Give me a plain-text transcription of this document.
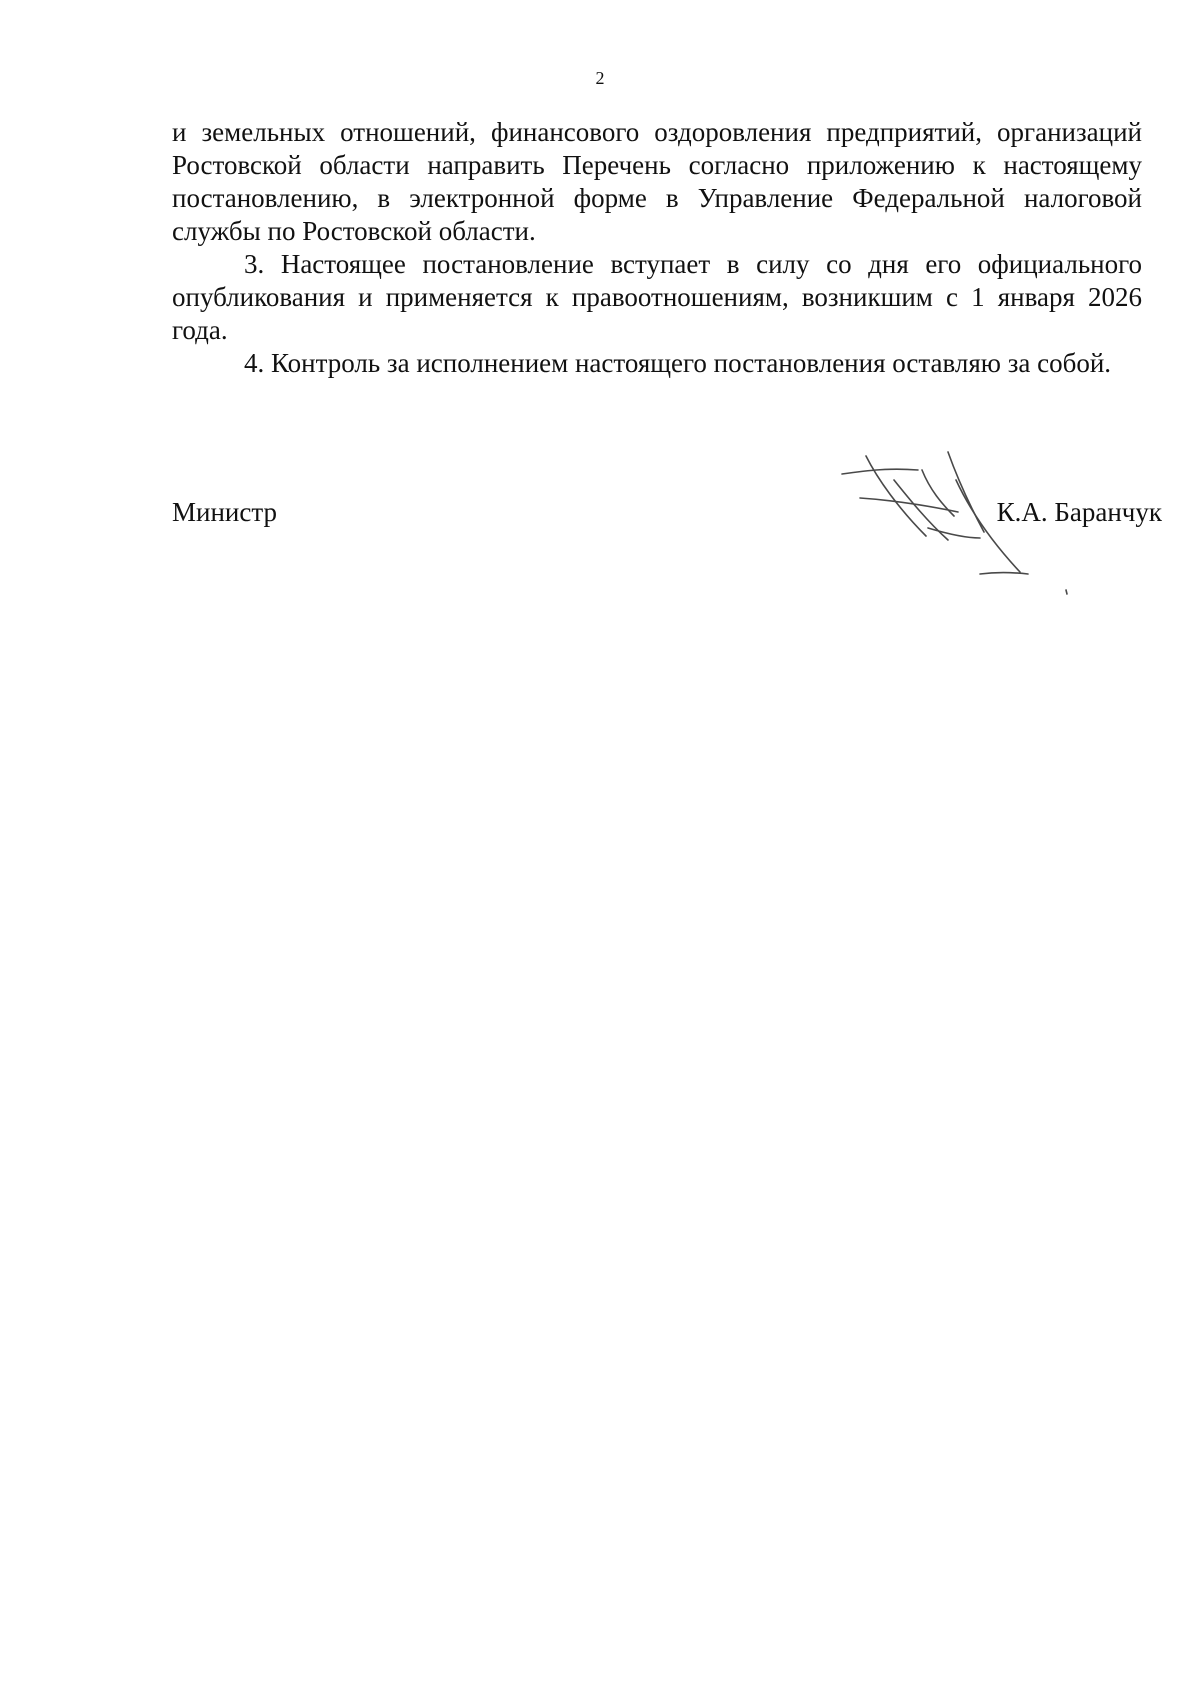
2

и земельных отношений, финансового оздоровления предприятий, организаций Ростовской области направить Перечень согласно приложению к настоящему постановлению, в электронной форме в Управление Федеральной налоговой службы по Ростовской области.

3. Настоящее постановление вступает в силу со дня его официального опубликования и применяется к правоотношениям, возникшим с 1 января 2026 года.

4. Контроль за исполнением настоящего постановления оставляю за собой.

Министр	К.А. Баранчук
